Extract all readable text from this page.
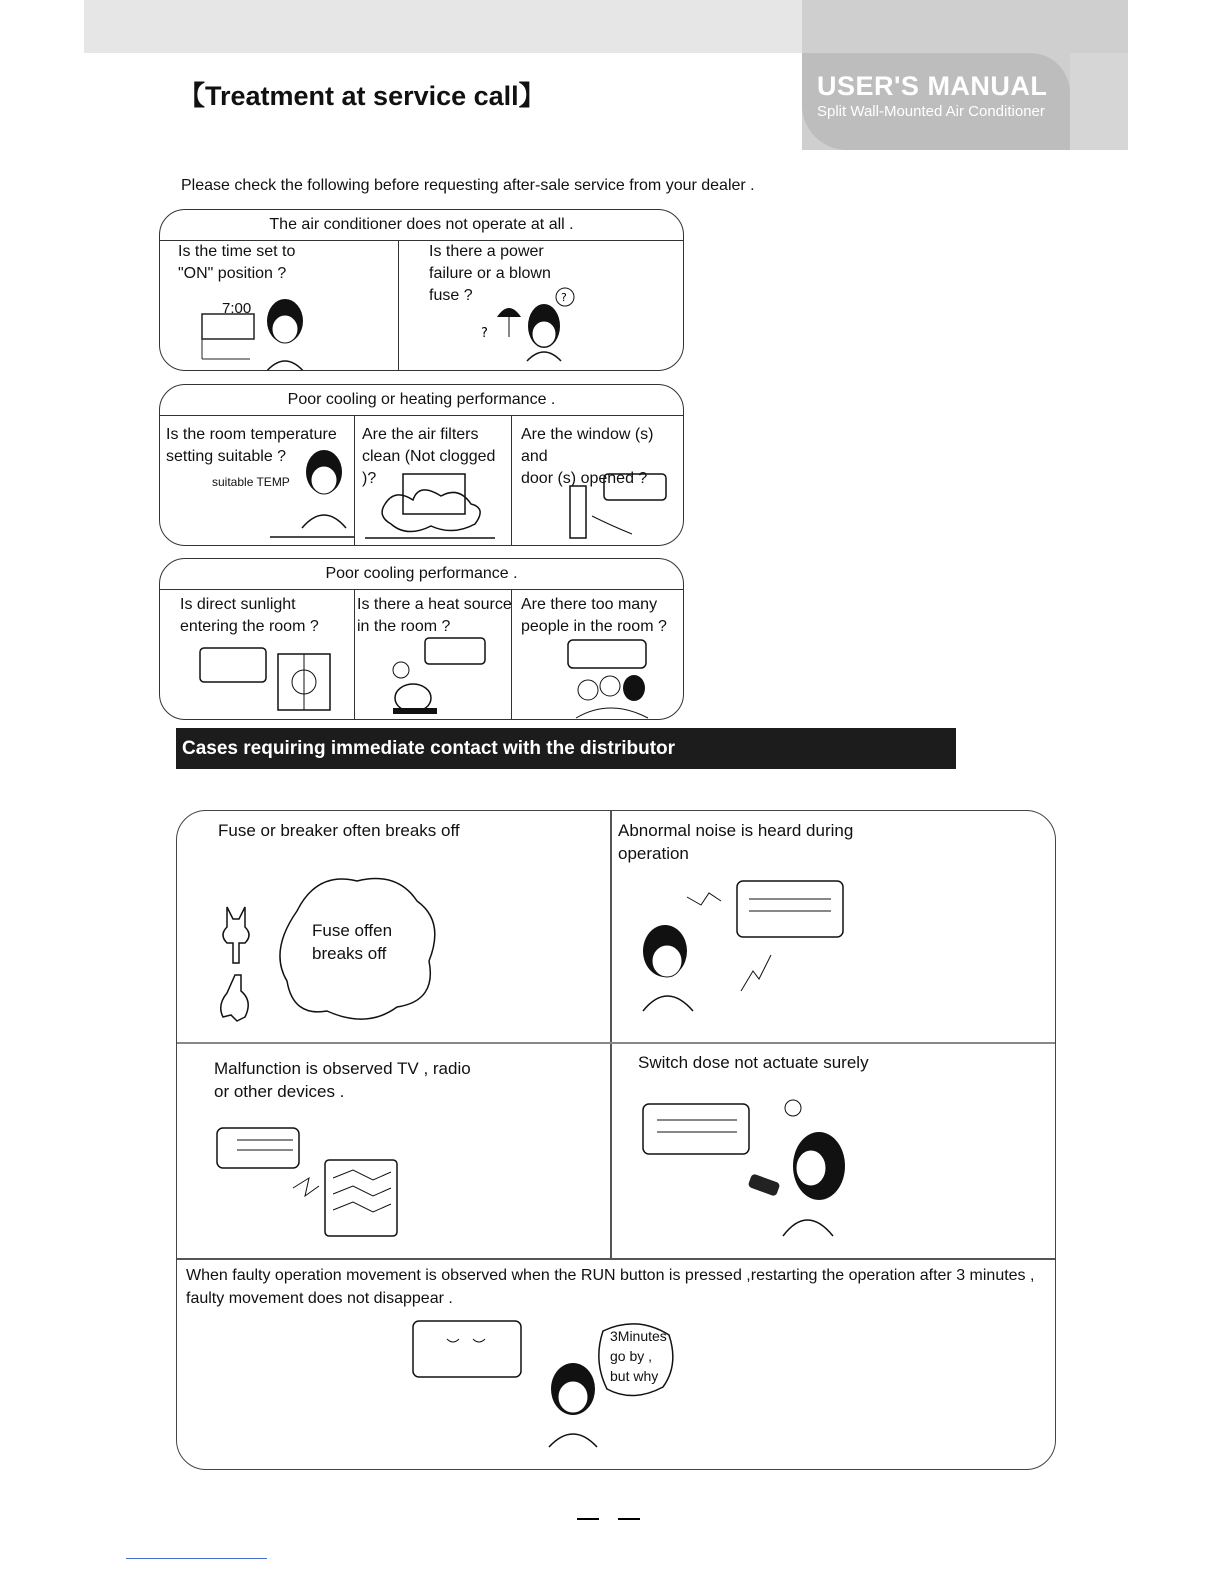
USER'S MANUAL
Split Wall-Mounted Air Conditioner
【Treatment at service call】
Please check the following before requesting after-sale service from your dealer .
The air conditioner does not operate at all .
Is the time set to
"ON" position ?
7:00
Is there a power
failure or a blown
fuse ?	?
?
Poor cooling or heating performance .
Is the room temperature
setting suitable ?
suitable TEMP
Are the air filters
clean (Not clogged )?
Are the window (s) and
door (s) opened ?
Poor cooling performance .
Is direct sunlight
entering the room ?
Is there a heat source
in the room ?
Are there too many
people in the room ?
Cases requiring immediate contact with the distributor
Fuse or breaker often breaks off
Fuse offen
breaks off
Abnormal noise is heard during
operation
Malfunction is observed TV , radio
or other devices .
Switch dose not actuate surely
When faulty operation movement is observed when the RUN button is pressed ,restarting the operation after 3 minutes ,
faulty movement does not disappear .
3Minutes
go by ,
but why
